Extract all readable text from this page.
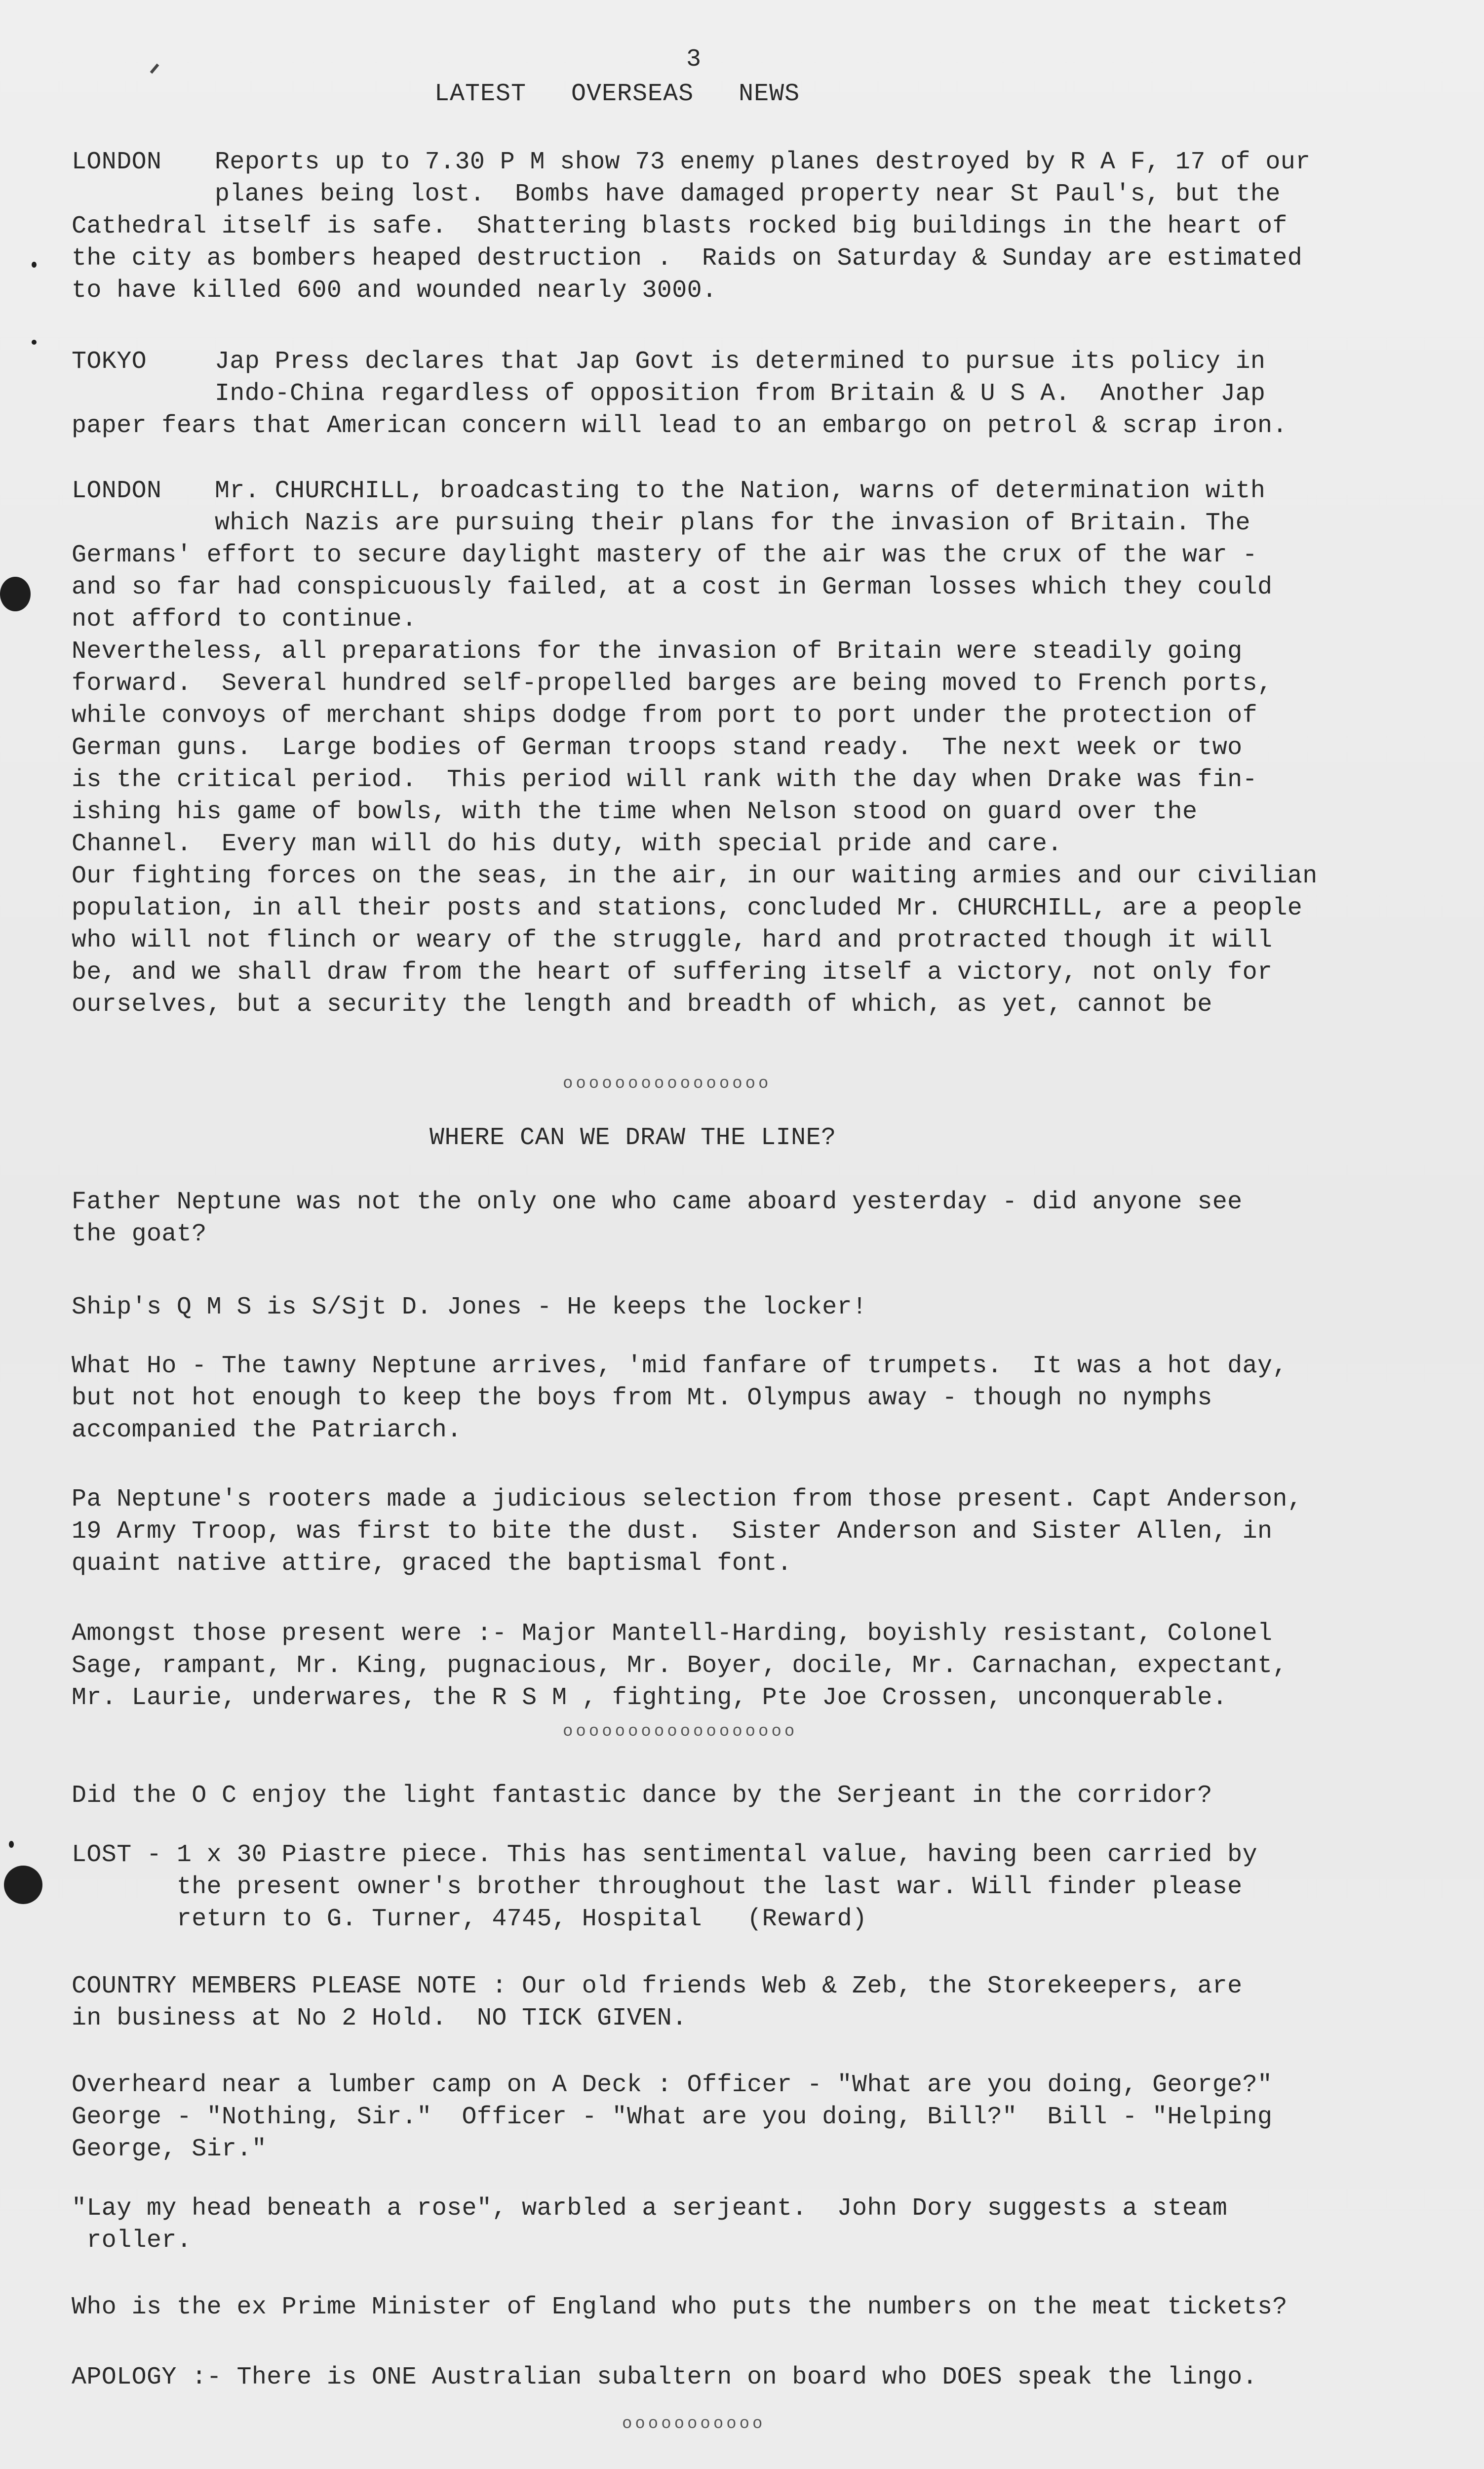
3
LATEST OVERSEAS NEWS
LONDON Reports up to 7.30 P M show 73 enemy planes destroyed by R A F, 17 of our
planes being lost.  Bombs have damaged property near St Paul's, but the
Cathedral itself is safe.  Shattering blasts rocked big buildings in the heart of
the city as bombers heaped destruction .  Raids on Saturday & Sunday are estimated
to have killed 600 and wounded nearly 3000.
TOKYO	Jap Press declares that Jap Govt is determined to pursue its policy in
Indo-China regardless of opposition from Britain & U S A.  Another Jap
paper fears that American concern will lead to an embargo on petrol & scrap iron.
LONDON Mr. CHURCHILL, broadcasting to the Nation, warns of determination with
which Nazis are pursuing their plans for the invasion of Britain. The
Germans' effort to secure daylight mastery of the air was the crux of the war -
and so far had conspicuously failed, at a cost in German losses which they could
not afford to continue.
Nevertheless, all preparations for the invasion of Britain were steadily going
forward.  Several hundred self-propelled barges are being moved to French ports,
while convoys of merchant ships dodge from port to port under the protection of
German guns.  Large bodies of German troops stand ready.  The next week or two
is the critical period.  This period will rank with the day when Drake was fin-
ishing his game of bowls, with the time when Nelson stood on guard over the
Channel.  Every man will do his duty, with special pride and care.
Our fighting forces on the seas, in the air, in our waiting armies and our civilian
population, in all their posts and stations, concluded Mr. CHURCHILL, are a people
who will not flinch or weary of the struggle, hard and protracted though it will
be, and we shall draw from the heart of suffering itself a victory, not only for
ourselves, but a security the length and breadth of which, as yet, cannot be
oooooooooooooooo
WHERE CAN WE DRAW THE LINE?
Father Neptune was not the only one who came aboard yesterday - did anyone see
the goat?
Ship's Q M S is S/Sjt D. Jones - He keeps the locker!
What Ho - The tawny Neptune arrives, 'mid fanfare of trumpets.  It was a hot day,
but not hot enough to keep the boys from Mt. Olympus away - though no nymphs
accompanied the Patriarch.
Pa Neptune's rooters made a judicious selection from those present. Capt Anderson,
19 Army Troop, was first to bite the dust.  Sister Anderson and Sister Allen, in
quaint native attire, graced the baptismal font.
Amongst those present were :- Major Mantell-Harding, boyishly resistant, Colonel
Sage, rampant, Mr. King, pugnacious, Mr. Boyer, docile, Mr. Carnachan, expectant,
Mr. Laurie, underwares, the R S M , fighting, Pte Joe Crossen, unconquerable.
oooooooooooooooooo
Did the O C enjoy the light fantastic dance by the Serjeant in the corridor?
LOST - 1 x 30 Piastre piece. This has sentimental value, having been carried by
the present owner's brother throughout the last war. Will finder please
return to G. Turner, 4745, Hospital   (Reward)
COUNTRY MEMBERS PLEASE NOTE : Our old friends Web & Zeb, the Storekeepers, are
in business at No 2 Hold.  NO TICK GIVEN.
Overheard near a lumber camp on A Deck : Officer - "What are you doing, George?"
George - "Nothing, Sir."  Officer - "What are you doing, Bill?"  Bill - "Helping
George, Sir."
"Lay my head beneath a rose", warbled a serjeant.  John Dory suggests a steam
roller.
Who is the ex Prime Minister of England who puts the numbers on the meat tickets?
APOLOGY :- There is ONE Australian subaltern on board who DOES speak the lingo.
ooooooooooo
